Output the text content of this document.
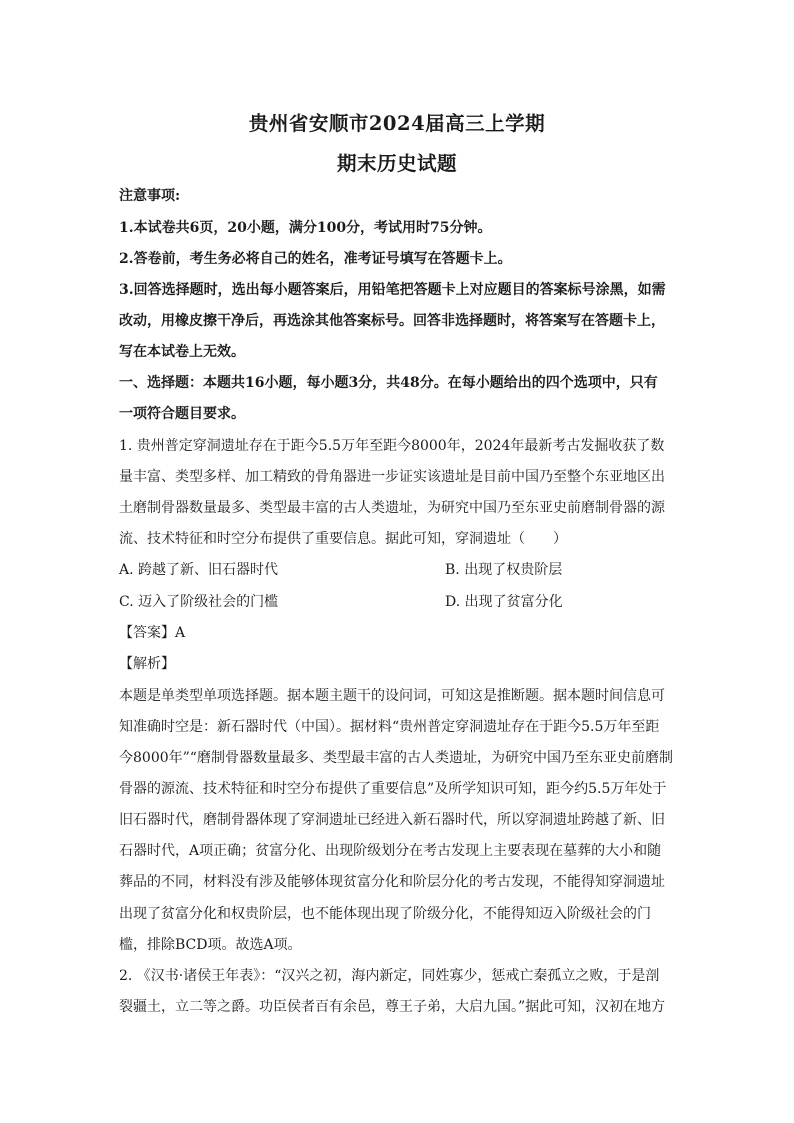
贵州省安顺市2024届高三上学期
期末历史试题
注意事项:
1.本试卷共6页，20小题，满分100分，考试用时75分钟。
2.答卷前，考生务必将自己的姓名，准考证号填写在答题卡上。
3.回答选择题时，选出每小题答案后，用铅笔把答题卡上对应题目的答案标号涂黑，如需
改动，用橡皮擦干净后，再选涂其他答案标号。回答非选择题时，将答案写在答题卡上，
写在本试卷上无效。
一、选择题：本题共16小题，每小题3分，共48分。在每小题给出的四个选项中，只有
一项符合题目要求。
1. 贵州普定穿洞遗址存在于距今5.5万年至距今8000年，2024年最新考古发掘收获了数
量丰富、类型多样、加工精致的骨角器进一步证实该遗址是目前中国乃至整个东亚地区出
土磨制骨器数量最多、类型最丰富的古人类遗址，为研究中国乃至东亚史前磨制骨器的源
流、技术特征和时空分布提供了重要信息。据此可知，穿洞遗址（　　）
A. 跨越了新、旧石器时代	B. 出现了权贵阶层
C. 迈入了阶级社会的门槛	D. 出现了贫富分化
【答案】A
【解析】
本题是单类型单项选择题。据本题主题干的设问词，可知这是推断题。据本题时间信息可
知准确时空是：新石器时代（中国）。据材料“贵州普定穿洞遗址存在于距今5.5万年至距
今8000年”“磨制骨器数量最多、类型最丰富的古人类遗址，为研究中国乃至东亚史前磨制
骨器的源流、技术特征和时空分布提供了重要信息”及所学知识可知，距今约5.5万年处于
旧石器时代，磨制骨器体现了穿洞遗址已经进入新石器时代，所以穿洞遗址跨越了新、旧
石器时代，A项正确；贫富分化、出现阶级划分在考古发现上主要表现在墓葬的大小和随
葬品的不同，材料没有涉及能够体现贫富分化和阶层分化的考古发现，不能得知穿洞遗址
出现了贫富分化和权贵阶层，也不能体现出现了阶级分化，不能得知迈入阶级社会的门
槛，排除BCD项。故选A项。
2. 《汉书·诸侯王年表》：“汉兴之初，海内新定，同姓寡少，惩戒亡秦孤立之败，于是剖
裂疆土，立二等之爵。功臣侯者百有余邑，尊王子弟，大启九国。”据此可知，汉初在地方
